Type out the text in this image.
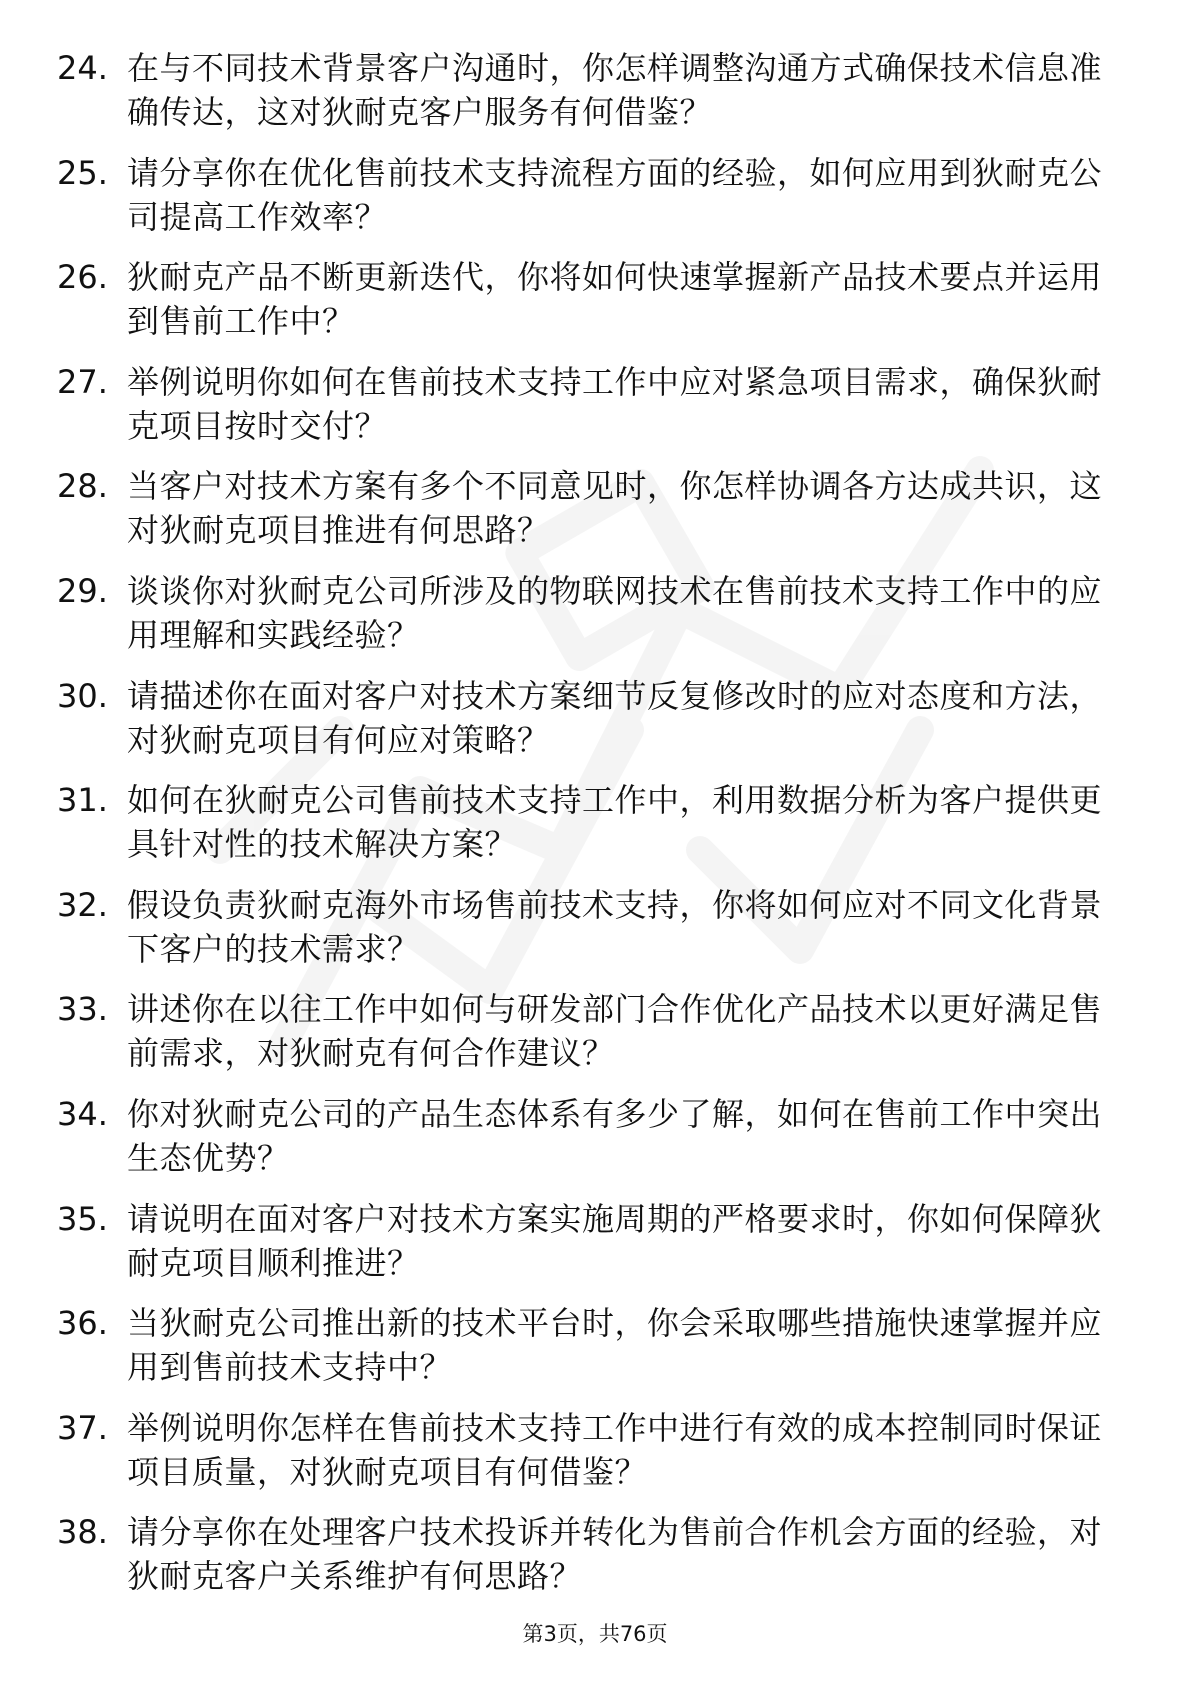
24. 在与不同技术背景客户沟通时，你怎样调整沟通方式确保技术信息准确传达，这对狄耐克客户服务有何借鉴？
25. 请分享你在优化售前技术支持流程方面的经验，如何应用到狄耐克公司提高工作效率？
26. 狄耐克产品不断更新迭代，你将如何快速掌握新产品技术要点并运用到售前工作中？
27. 举例说明你如何在售前技术支持工作中应对紧急项目需求，确保狄耐克项目按时交付？
28. 当客户对技术方案有多个不同意见时，你怎样协调各方达成共识，这对狄耐克项目推进有何思路？
29. 谈谈你对狄耐克公司所涉及的物联网技术在售前技术支持工作中的应用理解和实践经验？
30. 请描述你在面对客户对技术方案细节反复修改时的应对态度和方法，对狄耐克项目有何应对策略？
31. 如何在狄耐克公司售前技术支持工作中，利用数据分析为客户提供更具针对性的技术解决方案？
32. 假设负责狄耐克海外市场售前技术支持，你将如何应对不同文化背景下客户的技术需求？
33. 讲述你在以往工作中如何与研发部门合作优化产品技术以更好满足售前需求，对狄耐克有何合作建议？
34. 你对狄耐克公司的产品生态体系有多少了解，如何在售前工作中突出生态优势？
35. 请说明在面对客户对技术方案实施周期的严格要求时，你如何保障狄耐克项目顺利推进？
36. 当狄耐克公司推出新的技术平台时，你会采取哪些措施快速掌握并应用到售前技术支持中？
37. 举例说明你怎样在售前技术支持工作中进行有效的成本控制同时保证项目质量，对狄耐克项目有何借鉴？
38. 请分享你在处理客户技术投诉并转化为售前合作机会方面的经验，对狄耐克客户关系维护有何思路？
第3页，共76页
